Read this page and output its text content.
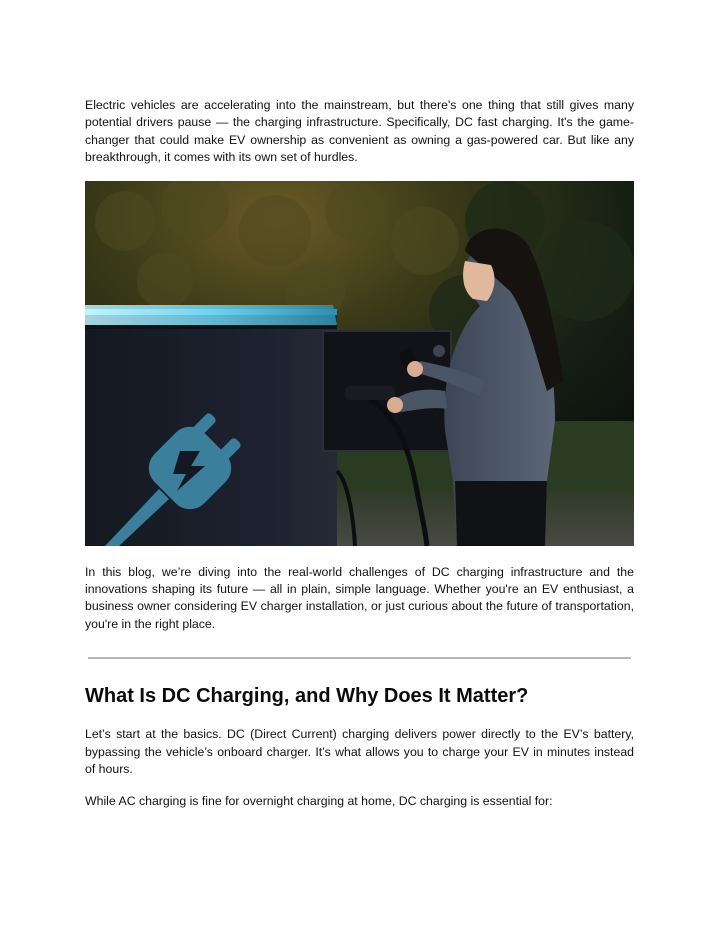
Electric vehicles are accelerating into the mainstream, but there's one thing that still gives many potential drivers pause — the charging infrastructure. Specifically, DC fast charging. It's the game-changer that could make EV ownership as convenient as owning a gas-powered car. But like any breakthrough, it comes with its own set of hurdles.

In this blog, we’re diving into the real-world challenges of DC charging infrastructure and the innovations shaping its future — all in plain, simple language. Whether you're an EV enthusiast, a business owner considering EV charger installation, or just curious about the future of transportation, you're in the right place.

What Is DC Charging, and Why Does It Matter?

Let’s start at the basics. DC (Direct Current) charging delivers power directly to the EV’s battery, bypassing the vehicle’s onboard charger. It’s what allows you to charge your EV in minutes instead of hours.

While AC charging is fine for overnight charging at home, DC charging is essential for:
